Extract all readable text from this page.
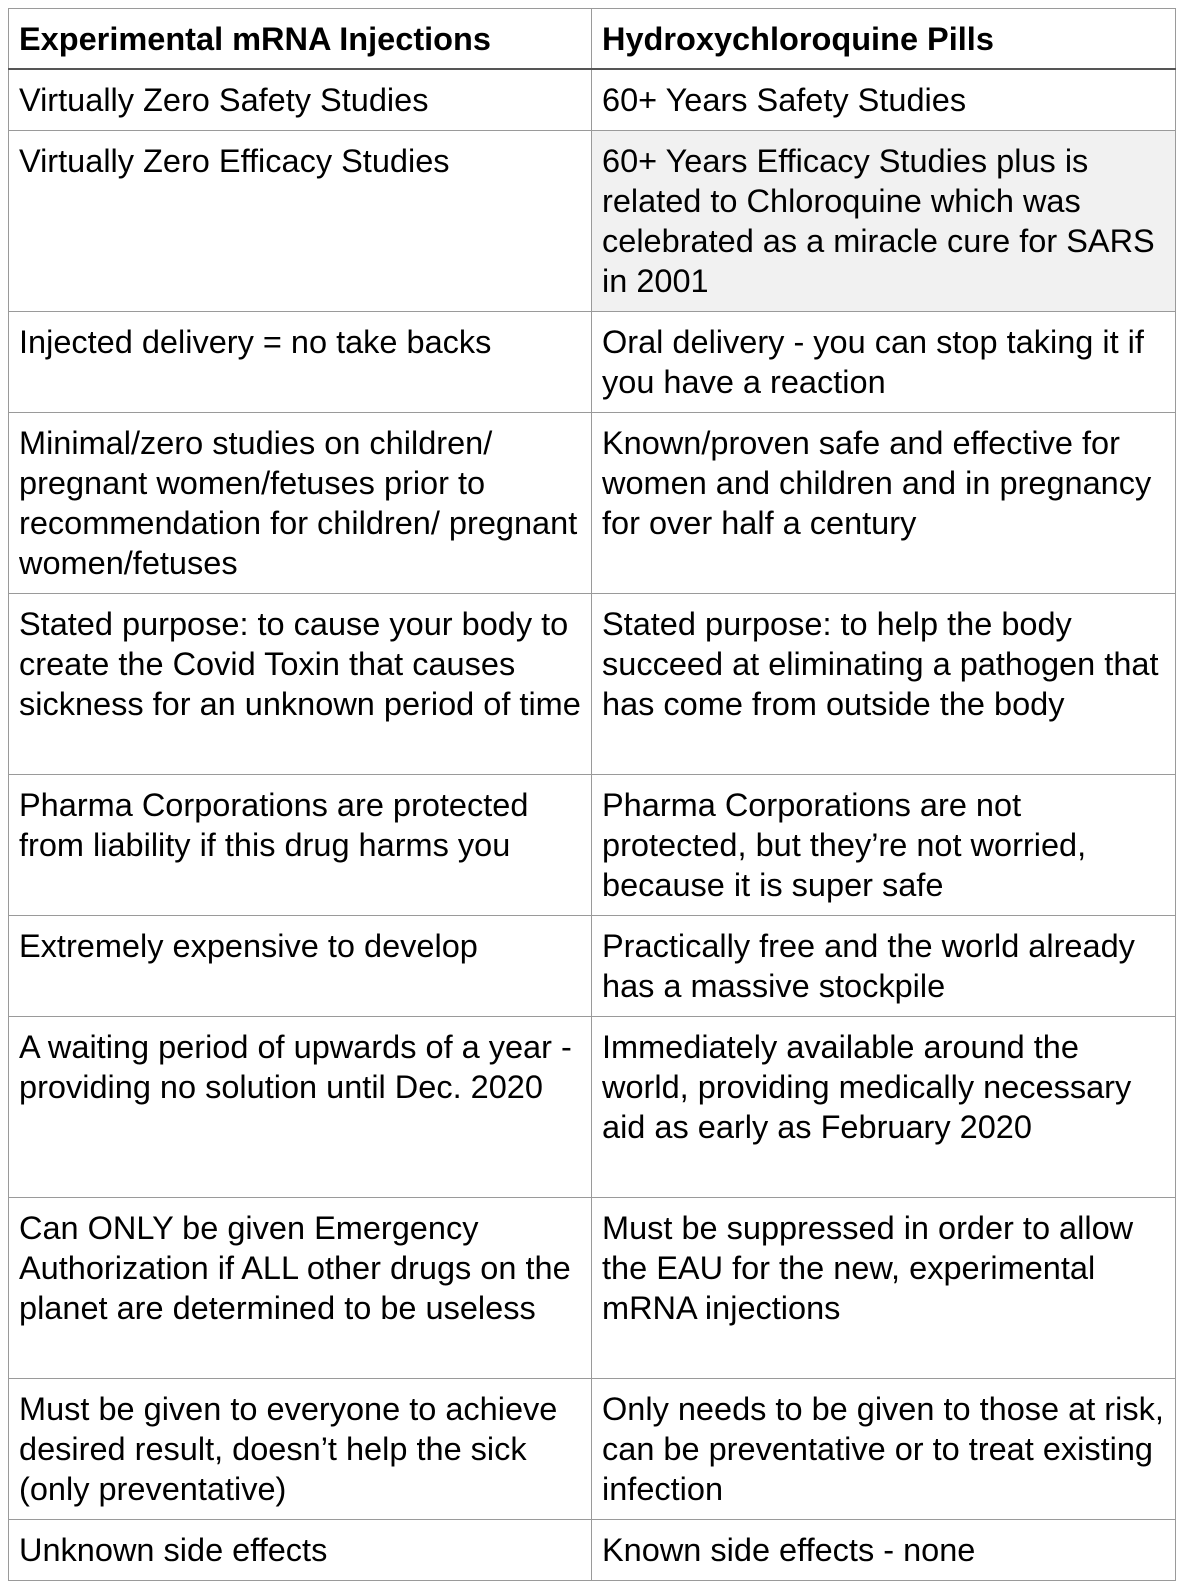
Experimental mRNA Injections	Hydroxychloroquine Pills
Virtually Zero Safety Studies	60+ Years Safety Studies
Virtually Zero Efficacy Studies	60+ Years Efficacy Studies plus is related to Chloroquine which was celebrated as a miracle cure for SARS in 2001
Injected delivery = no take backs	Oral delivery - you can stop taking it if you have a reaction
Minimal/zero studies on children/ pregnant women/fetuses prior to recommendation for children/ pregnant women/fetuses	Known/proven safe and effective for women and children and in pregnancy for over half a century
Stated purpose: to cause your body to create the Covid Toxin that causes sickness for an unknown period of time	Stated purpose: to help the body succeed at eliminating a pathogen that has come from outside the body
Pharma Corporations are protected from liability if this drug harms you	Pharma Corporations are not protected, but they’re not worried, because it is super safe
Extremely expensive to develop	Practically free and the world already has a massive stockpile
A waiting period of upwards of a year - providing no solution until Dec. 2020	Immediately available around the world, providing medically necessary aid as early as February 2020
Can ONLY be given Emergency Authorization if ALL other drugs on the planet are determined to be useless	Must be suppressed in order to allow the EAU for the new, experimental mRNA injections
Must be given to everyone to achieve desired result, doesn’t help the sick (only preventative)	Only needs to be given to those at risk, can be preventative or to treat existing infection
Unknown side effects	Known side effects - none
